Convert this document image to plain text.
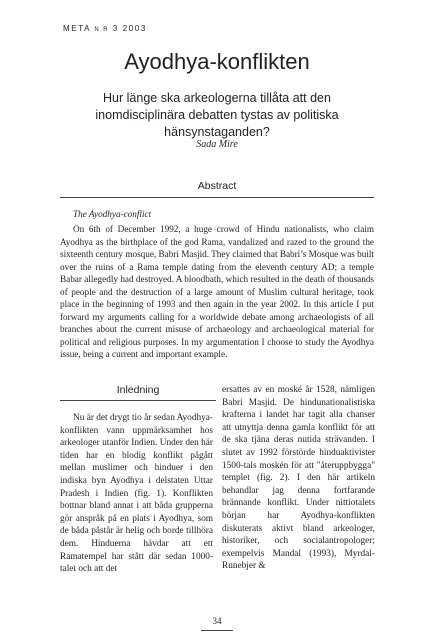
META N R 3 2003
Ayodhya-konflikten

Hur länge ska arkeologerna tillåta att den inomdisciplinära debatten tystas av politiska hänsynstaganden?

Sada Mire
Abstract
The Ayodhya-conflict

On 6th of December 1992, a huge crowd of Hindu nationalists, who claim Ayodhya as the birthplace of the god Rama, vandalized and razed to the ground the sixteenth century mosque, Babri Masjid. They claimed that Babri’s Mosque was built over the ruins of a Rama temple dating from the eleventh century AD; a temple Babar allegedly had destroyed. A bloodbath, which resulted in the death of thousands of people and the destruction of a large amount of Muslim cultural heritage, took place in the beginning of 1993 and then again in the year 2002. In this article I put forward my arguments calling for a worldwide debate among archaeologists of all branches about the current misuse of archaeology and archaeological material for political and religious purposes. In my argumentation I choose to study the Ayodhya issue, being a current and important example.

Inledning

Nu är det drygt tio år sedan Ayodhya-konflikten vann uppmärksamhet hos arkeologer utanför Indien. Under den här tiden har en blodig konflikt pågått mellan muslimer och hinduer i den indiska byn Ayodhya i delstaten Uttar Pradesh i Indien (fig. 1). Konflikten bottnar bland annat i att båda grupperna gör anspråk på en plats i Ayodhya, som de båda påstår är helig och borde tillhöra dem. Hinduerna hävdar att ett Ramatempel har stått där sedan 1000-talet och att det

ersattes av en moské år 1528, nämligen Babri Masjid. De hindunationalistiska krafterna i landet har tagit alla chanser att utnyttja denna gamla konflikt för att de ska tjäna deras nutida strävanden. I slutet av 1992 förstörde hinduaktivister 1500-tals moskén för att "återuppbygga" templet (fig. 2). I den här artikeln behandlar jag denna fortfarande brännande konflikt. Under nittiotalets början har Ayodhya-konflikten diskuterats aktivt bland arkeologer, historiker, och socialantropologer; exempelvis Mandal (1993), Myrdal-Runebjer &

34
